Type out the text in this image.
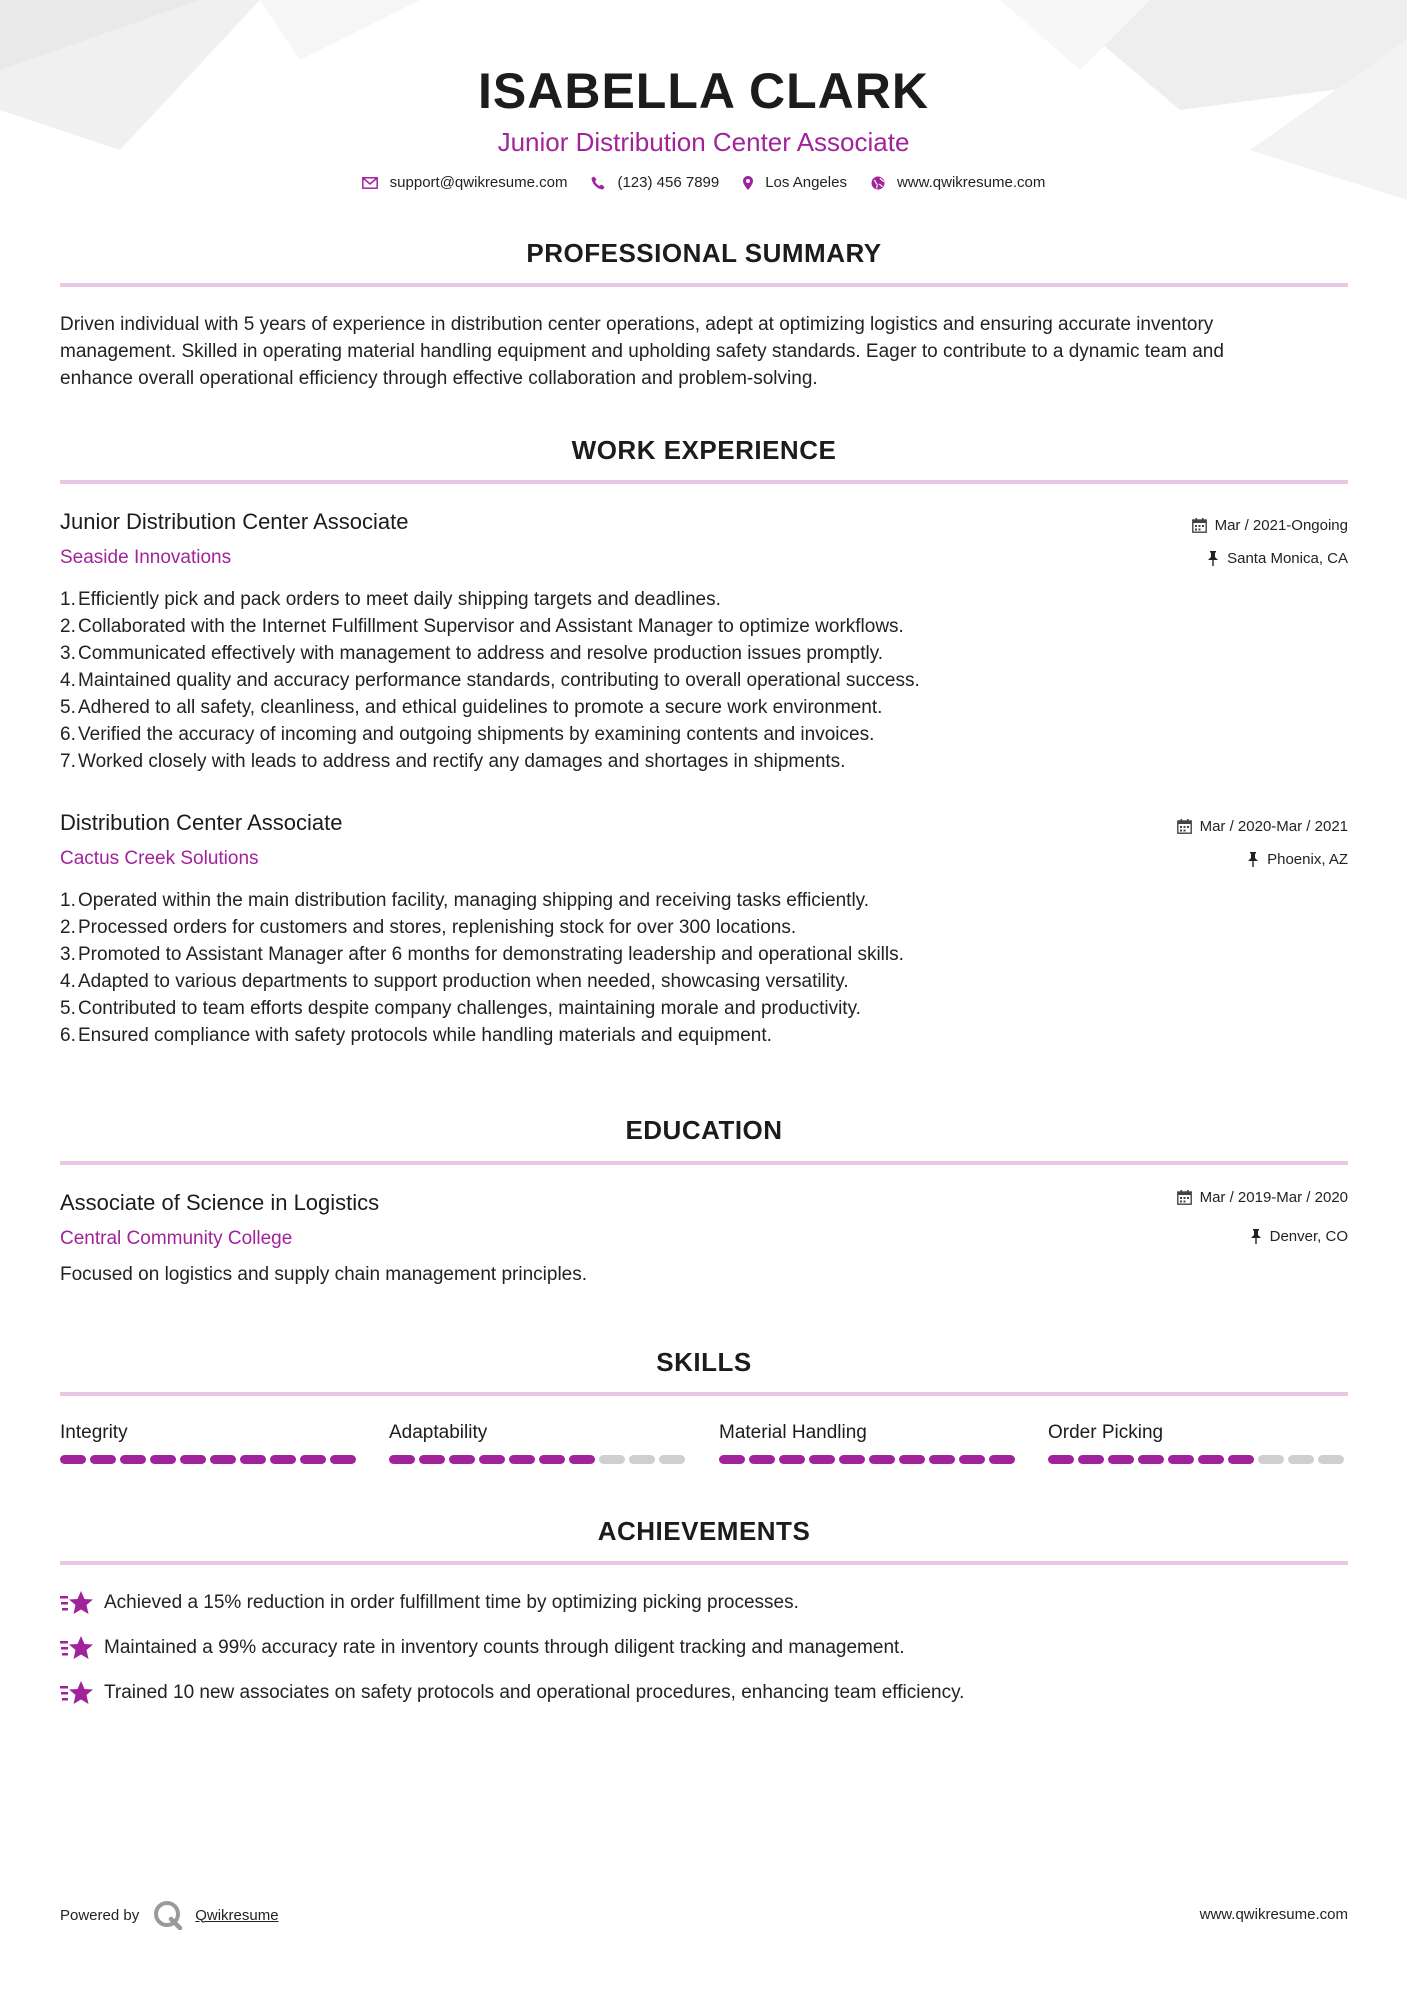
ISABELLA CLARK
Junior Distribution Center Associate
support@qwikresume.com	(123) 456 7899	Los Angeles	www.qwikresume.com
PROFESSIONAL SUMMARY
Driven individual with 5 years of experience in distribution center operations, adept at optimizing logistics and ensuring accurate inventory
management. Skilled in operating material handling equipment and upholding safety standards. Eager to contribute to a dynamic team and
enhance overall operational efficiency through effective collaboration and problem-solving.
WORK EXPERIENCE
Junior Distribution Center Associate
Seaside Innovations
Mar / 2021-Ongoing
Santa Monica, CA
1. Efficiently pick and pack orders to meet daily shipping targets and deadlines.
2. Collaborated with the Internet Fulfillment Supervisor and Assistant Manager to optimize workflows.
3. Communicated effectively with management to address and resolve production issues promptly.
4. Maintained quality and accuracy performance standards, contributing to overall operational success.
5. Adhered to all safety, cleanliness, and ethical guidelines to promote a secure work environment.
6. Verified the accuracy of incoming and outgoing shipments by examining contents and invoices.
7. Worked closely with leads to address and rectify any damages and shortages in shipments.
Distribution Center Associate
Cactus Creek Solutions
Mar / 2020-Mar / 2021
Phoenix, AZ
1. Operated within the main distribution facility, managing shipping and receiving tasks efficiently.
2. Processed orders for customers and stores, replenishing stock for over 300 locations.
3. Promoted to Assistant Manager after 6 months for demonstrating leadership and operational skills.
4. Adapted to various departments to support production when needed, showcasing versatility.
5. Contributed to team efforts despite company challenges, maintaining morale and productivity.
6. Ensured compliance with safety protocols while handling materials and equipment.
EDUCATION
Associate of Science in Logistics
Central Community College
Mar / 2019-Mar / 2020
Denver, CO
Focused on logistics and supply chain management principles.
SKILLS
Integrity	Adaptability	Material Handling	Order Picking
ACHIEVEMENTS
Achieved a 15% reduction in order fulfillment time by optimizing picking processes.
Maintained a 99% accuracy rate in inventory counts through diligent tracking and management.
Trained 10 new associates on safety protocols and operational procedures, enhancing team efficiency.
Powered by	Qwikresume	www.qwikresume.com
